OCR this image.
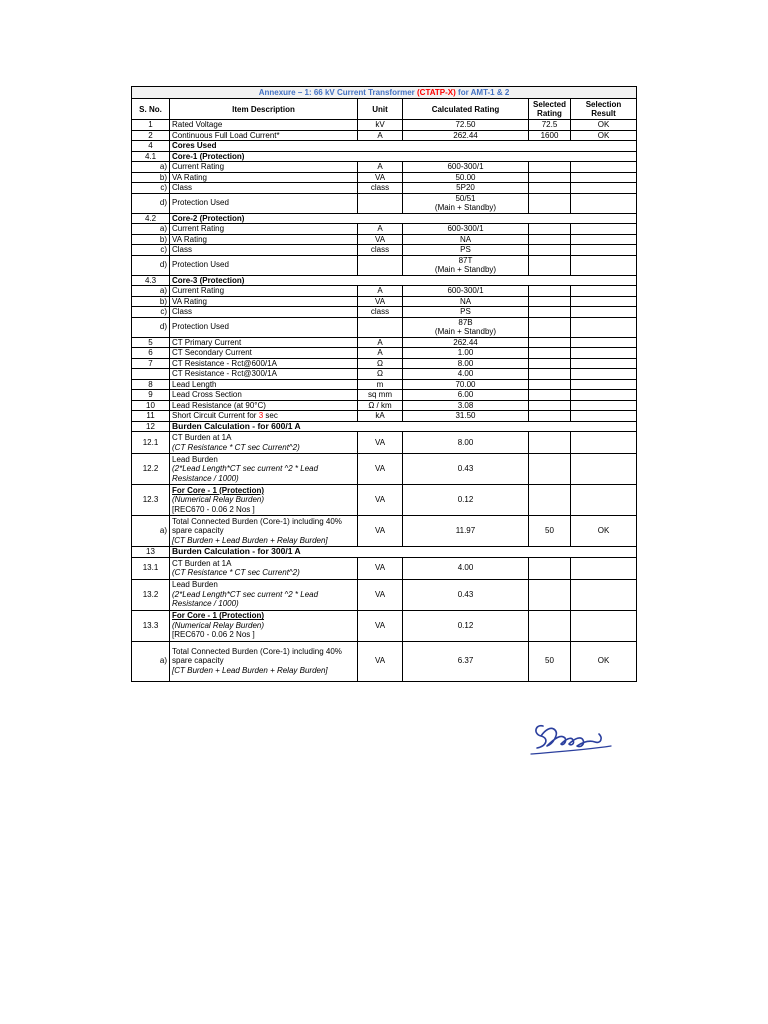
Annexure – 1: 66 kV Current Transformer (CTATP-X) for AMT-1 & 2					
S. No.	Item Description	Unit	Calculated Rating	Selected Rating	Selection Result
1	Rated Voltage	kV	72.50	72.5	OK
2	Continuous Full Load Current*	A	262.44	1600	OK
4	Cores Used				
4.1	Core-1 (Protection)				
a)	Current Rating	A	600-300/1		
b)	VA Rating	VA	50.00		
c)	Class	class	5P20		
d)	Protection Used		50/51
(Main + Standby)		
4.2	Core-2 (Protection)				
a)	Current Rating	A	600-300/1		
b)	VA Rating	VA	NA		
c)	Class	class	PS		
d)	Protection Used		87T
(Main + Standby)		
4.3	Core-3 (Protection)				
a)	Current Rating	A	600-300/1		
b)	VA Rating	VA	NA		
c)	Class	class	PS		
d)	Protection Used		87B
(Main + Standby)		
5	CT Primary Current	A	262.44		
6	CT Secondary Current	A	1.00		
7	CT Resistance - Rct@600/1A	Ω	8.00		
	CT Resistance - Rct@300/1A	Ω	4.00		
8	Lead Length	m	70.00		
9	Lead Cross Section	sq mm	6.00		
10	Lead Resistance (at 90°C)	Ω / km	3.08		
11	Short Circuit Current for 3 sec	kA	31.50		
12	Burden Calculation - for 600/1 A				
12.1	CT Burden at 1A
(CT Resistance * CT sec Current^2)	VA	8.00		
12.2	Lead Burden
(2*Lead Length*CT sec current ^2 * Lead
Resistance / 1000)	VA	0.43		
12.3	For Core - 1 (Protection)
(Numerical Relay Burden)
[REC670 - 0.06 2 Nos ]	VA	0.12		
a)	Total Connected Burden (Core-1) including 40%
spare capacity
[CT Burden + Lead Burden + Relay Burden]	VA	11.97	50	OK
13	Burden Calculation - for 300/1 A				
13.1	CT Burden at 1A
(CT Resistance * CT sec Current^2)	VA	4.00		
13.2	Lead Burden
(2*Lead Length*CT sec current ^2 * Lead
Resistance / 1000)	VA	0.43		
13.3	For Core - 1 (Protection)
(Numerical Relay Burden)
[REC670 - 0.06 2 Nos ]	VA	0.12		
a)	Total Connected Burden (Core-1) including 40%
spare capacity
[CT Burden + Lead Burden + Relay Burden]	VA	6.37	50	OK
